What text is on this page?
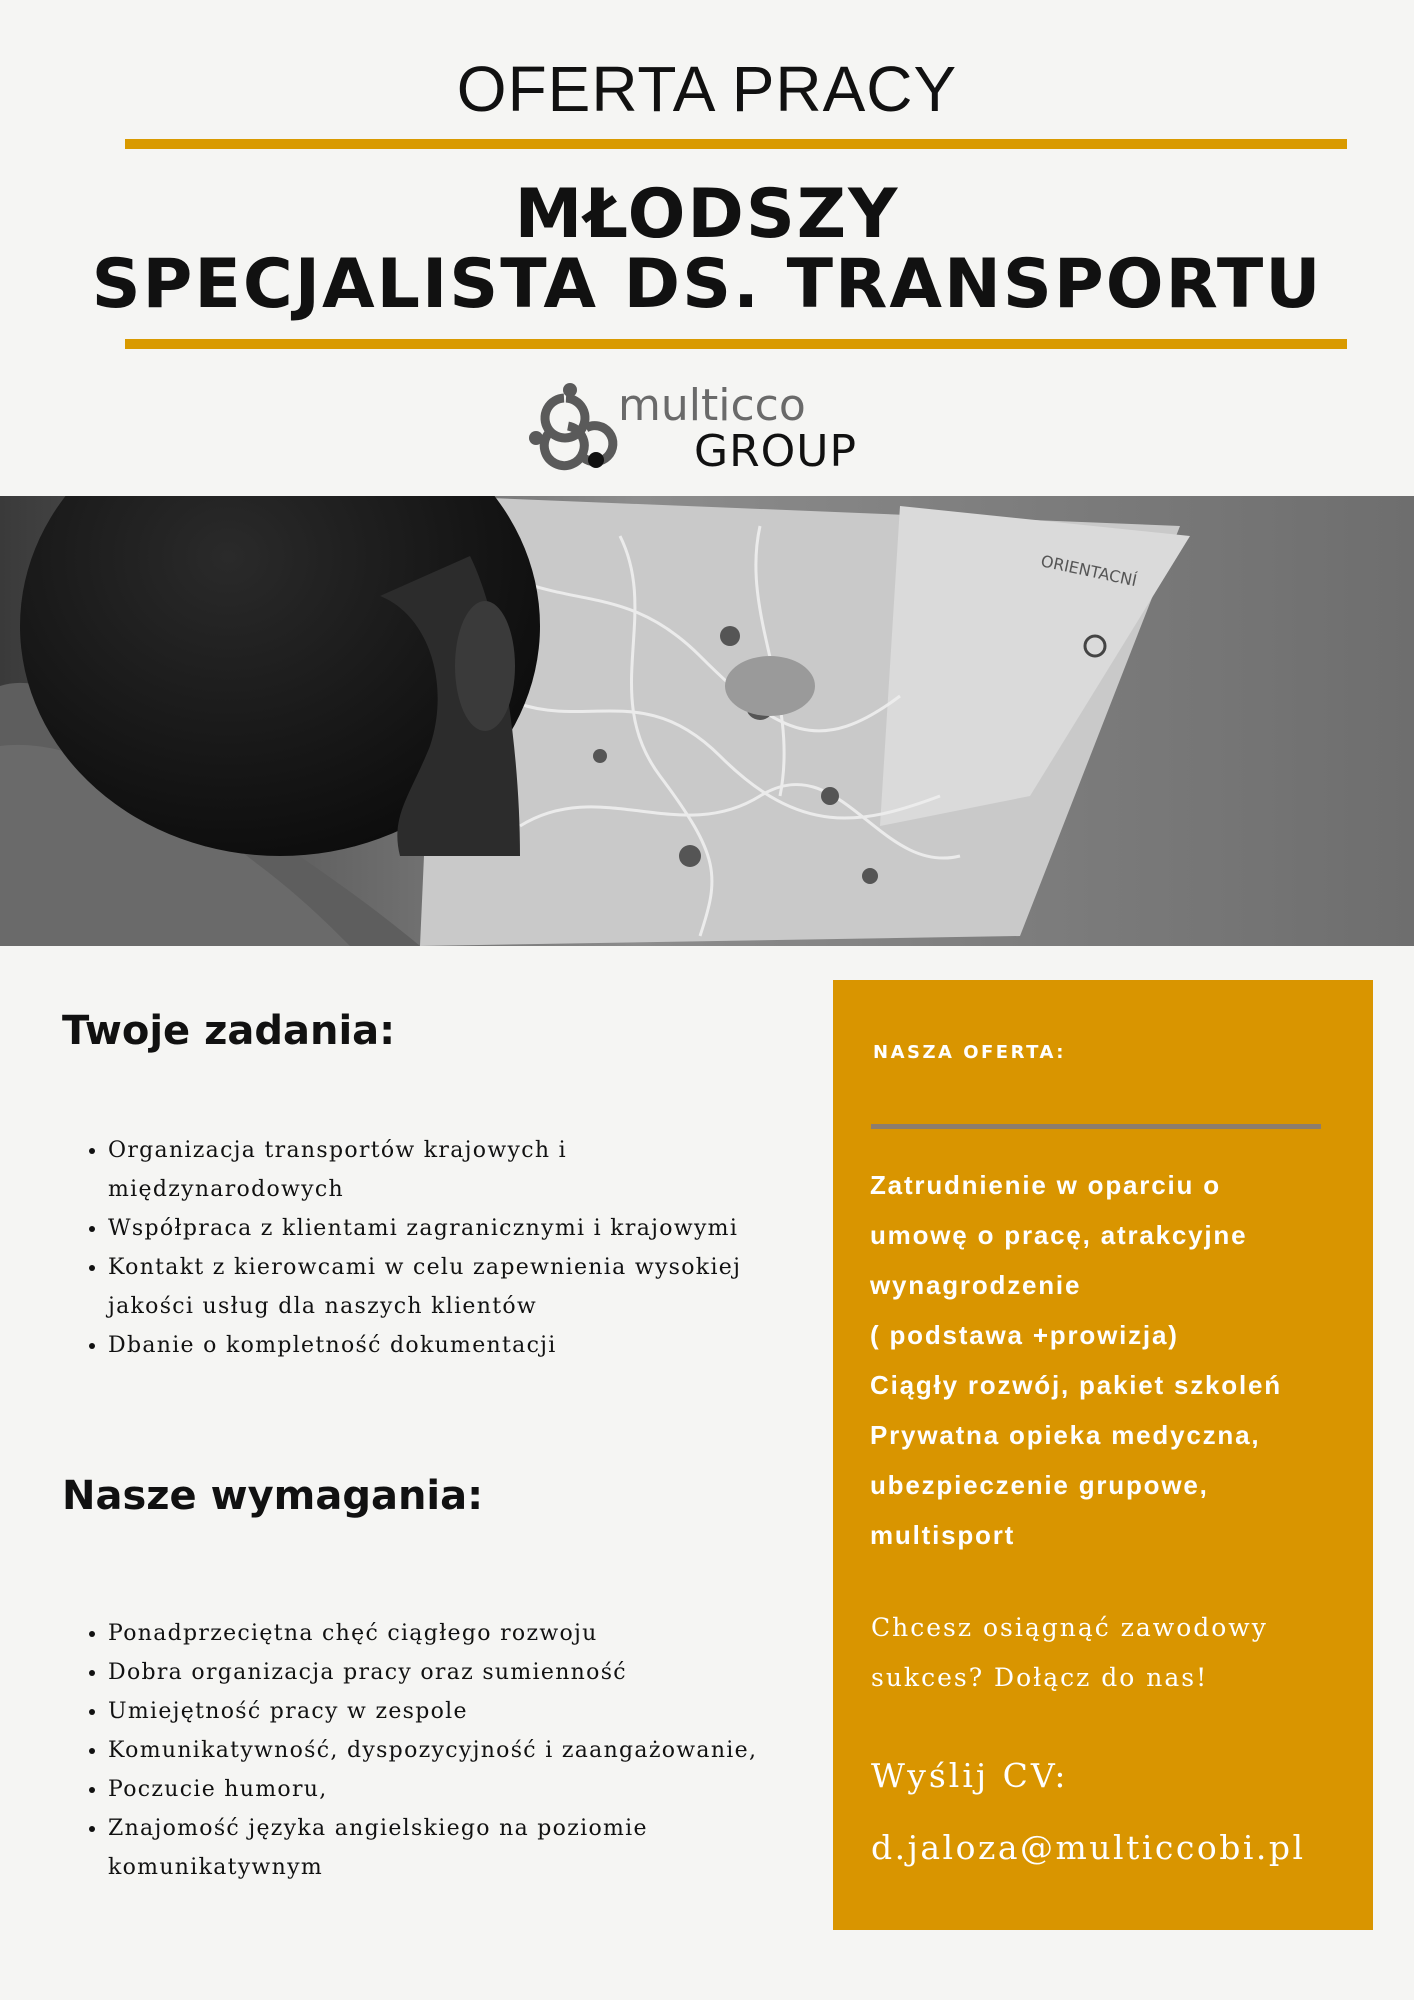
OFERTA PRACY
MŁODSZY
SPECJALISTA DS. TRANSPORTU
multicco
GROUP
ORIENTACNÍ
Twoje zadania:
• Organizacja transportów krajowych i międzynarodowych
• Współpraca z klientami zagranicznymi i krajowymi
• Kontakt z kierowcami w celu zapewnienia wysokiej jakości usług dla naszych klientów
• Dbanie o kompletność dokumentacji
Nasze wymagania:
• Ponadprzeciętna chęć ciągłego rozwoju
• Dobra organizacja pracy oraz sumienność
• Umiejętność pracy w zespole
• Komunikatywność, dyspozycyjność i zaangażowanie,
• Poczucie humoru,
• Znajomość języka angielskiego na poziomie komunikatywnym
NASZA OFERTA:
Zatrudnienie w oparciu o
umowę o pracę, atrakcyjne
wynagrodzenie
( podstawa +prowizja)
Ciągły rozwój, pakiet szkoleń
Prywatna opieka medyczna,
ubezpieczenie grupowe,
multisport
Chcesz osiągnąć zawodowy
sukces? Dołącz do nas!
Wyślij CV:
d.jaloza@multiccobi.pl
